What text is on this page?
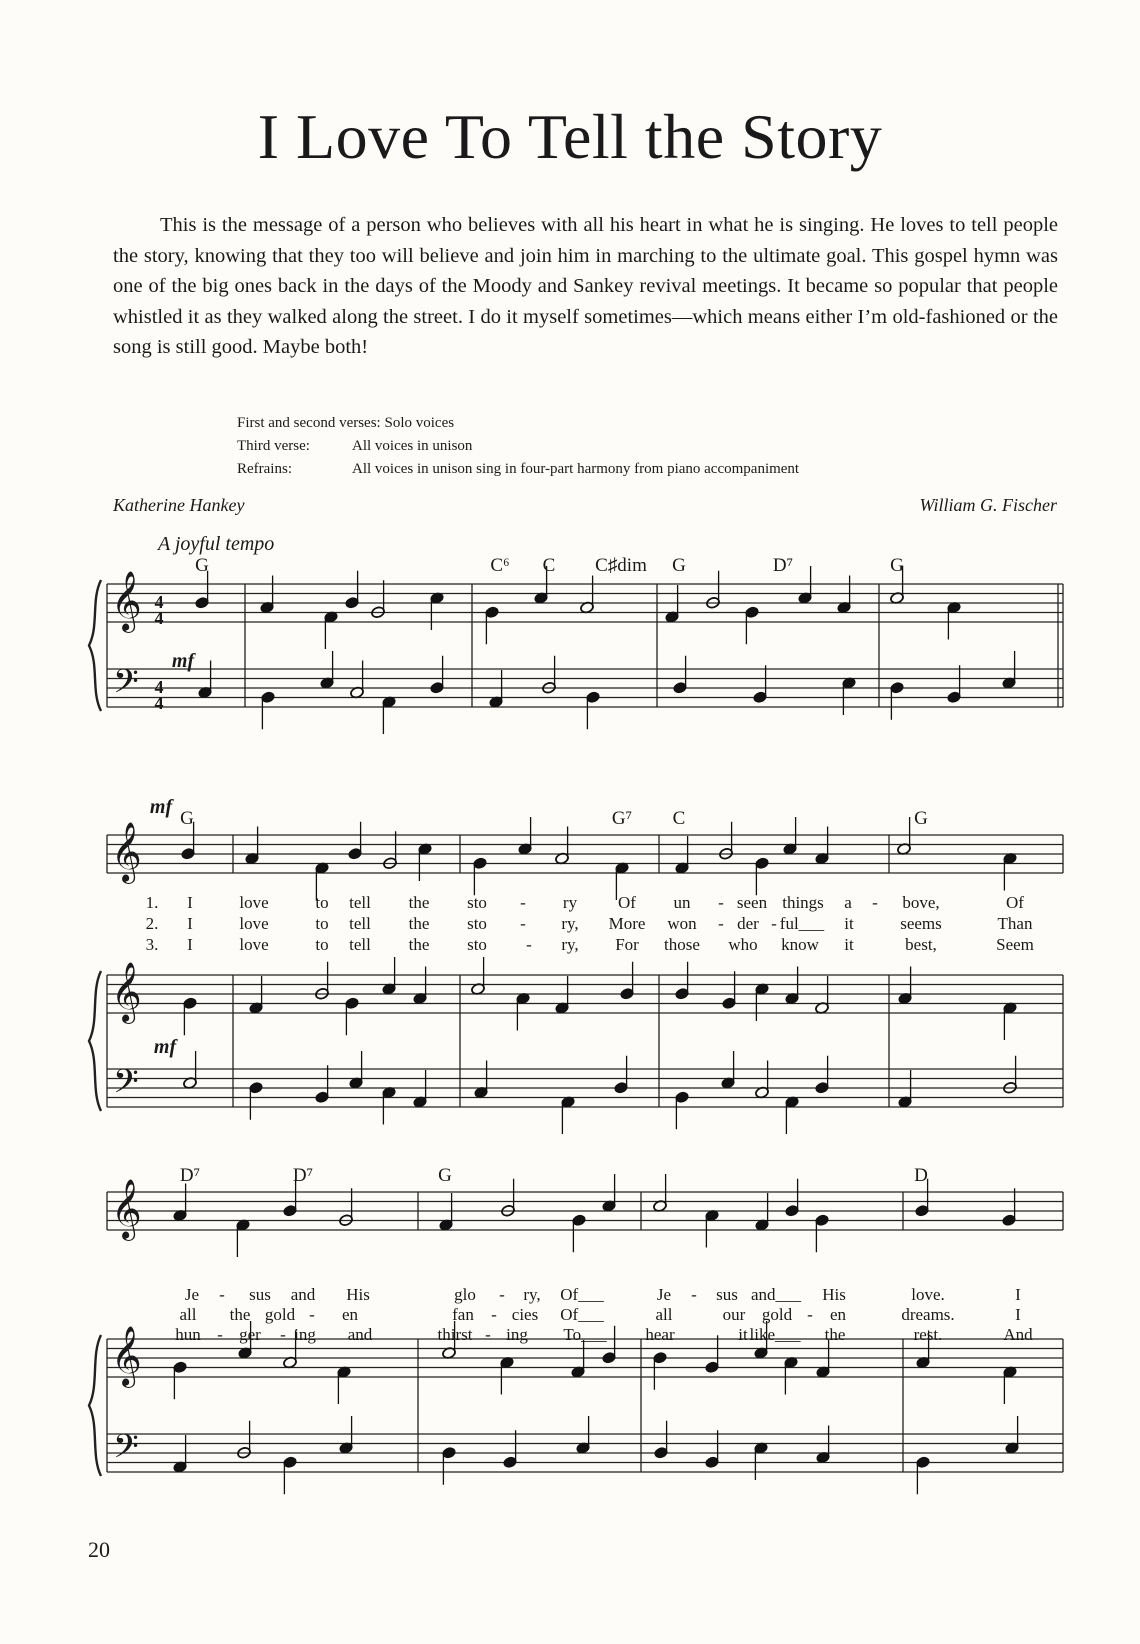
I Love To Tell the Story
This is the message of a person who believes with all his heart in what he is singing. He loves to tell people the story, knowing that they too will believe and join him in marching to the ultimate goal. This gospel hymn was one of the big ones back in the days of the Moody and Sankey revival meetings. It became so popular that people whistled it as they walked along the street. I do it myself sometimes—which means either I’m old-fashioned or the song is still good. Maybe both!
First and second verses: Solo voices	
Third verse:	All voices in unison
Refrains:	All voices in unison sing in four-part harmony from piano accompaniment
Katherine Hankey	William G. Fischer
A joyful tempo
20
𝄞
𝄢
4
4
4
4
mf
G	C⁶ C C♯dim G	D⁷	G
𝄞
𝄞
𝄢
mf
mf
G	G⁷ C	G
1. I	love	to tell the sto - ry Of un - seen things a - bove,	Of
2. I	love	to tell the sto - ry, More won - der - ful___ it	seems	Than
3. I	love	to tell the sto - ry, For those who know it	best,	Seem
𝄞
𝄞
𝄢
D⁷	D⁷	G	D
Je - sus and His	glo - ry, Of___	Je - sus and___ His	love.	I
all the gold - en	fan - cies Of___	all	our gold - en	dreams.	I
hun - ger - ing and	thirst - ing To___ hear	it like___ the	rest.	And
